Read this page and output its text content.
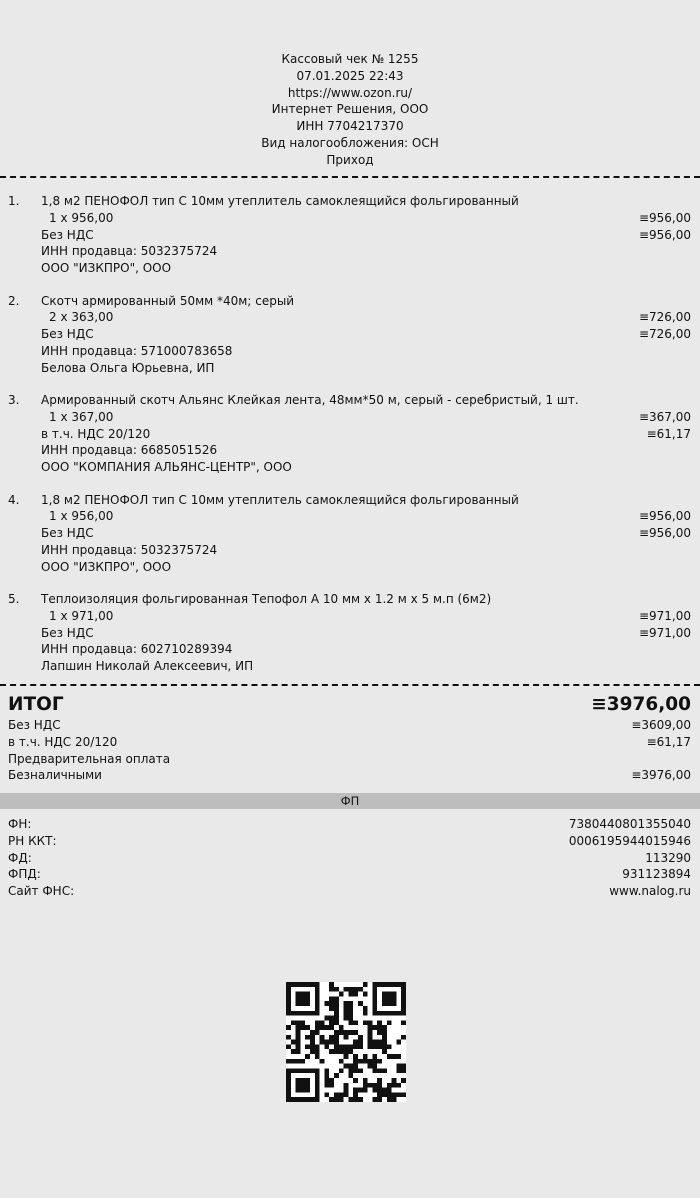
Кассовый чек № 1255
07.01.2025 22:43
https://www.ozon.ru/
Интернет Решения, ООО
ИНН 7704217370
Вид налогообложения: ОСН
Приход
1. 1,8 м2 ПЕНОФОЛ тип С 10мм утеплитель самоклеящийся фольгированный
1 x 956,00	≡956,00
Без НДС	≡956,00
ИНН продавца: 5032375724
ООО "ИЗКПРО", ООО
2. Скотч армированный 50мм *40м; серый
2 x 363,00	≡726,00
Без НДС	≡726,00
ИНН продавца: 571000783658
Белова Ольга Юрьевна, ИП
3. Армированный скотч Альянс Клейкая лента, 48мм*50 м, серый - серебристый, 1 шт.
1 x 367,00	≡367,00
в т.ч. НДС 20/120	≡61,17
ИНН продавца: 6685051526
ООО "КОМПАНИЯ АЛЬЯНС-ЦЕНТР", ООО
4. 1,8 м2 ПЕНОФОЛ тип С 10мм утеплитель самоклеящийся фольгированный
1 x 956,00	≡956,00
Без НДС	≡956,00
ИНН продавца: 5032375724
ООО "ИЗКПРО", ООО
5. Теплоизоляция фольгированная Тепофол А 10 мм х 1.2 м х 5 м.п (6м2)
1 x 971,00	≡971,00
Без НДС	≡971,00
ИНН продавца: 602710289394
Лапшин Николай Алексеевич, ИП
ИТОГ	≡3976,00
Без НДС	≡3609,00
в т.ч. НДС 20/120	≡61,17
Предварительная оплата
Безналичными	≡3976,00
ФП
ФН:	7380440801355040
РН ККТ:	0006195944015946
ФД:	113290
ФПД:	931123894
Сайт ФНС:	www.nalog.ru
